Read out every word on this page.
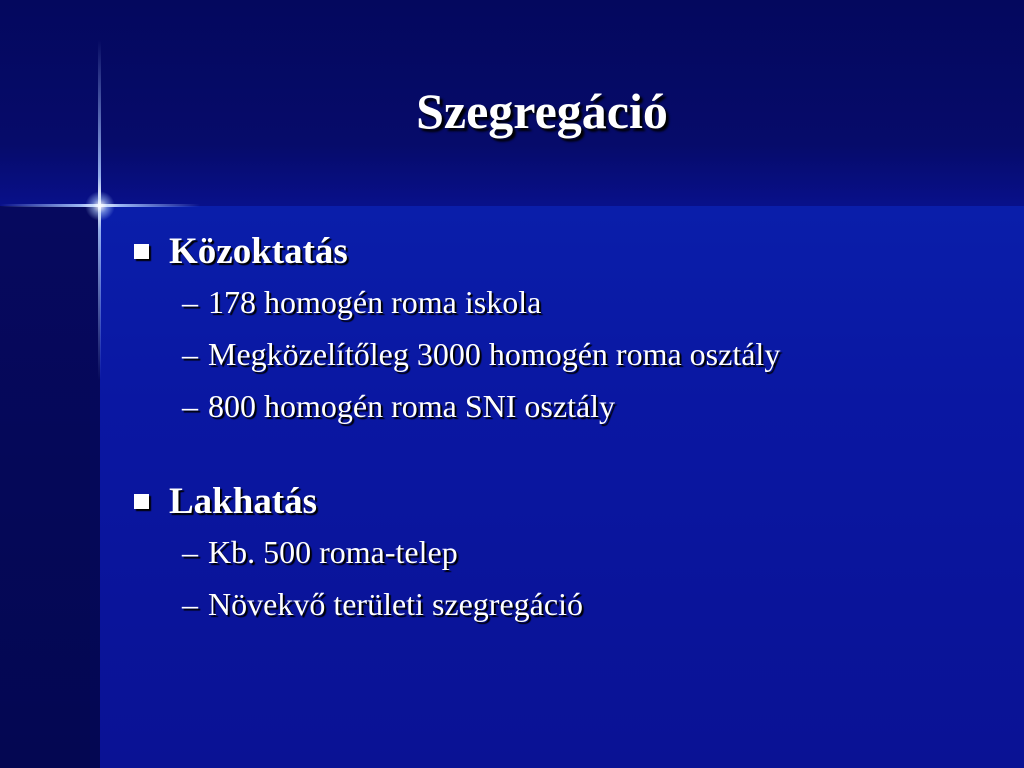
Szegregáció
Közoktatás
– 178 homogén roma iskola
– Megközelítőleg 3000 homogén roma osztály
– 800 homogén roma SNI osztály
Lakhatás
– Kb. 500 roma-telep
– Növekvő területi szegregáció
